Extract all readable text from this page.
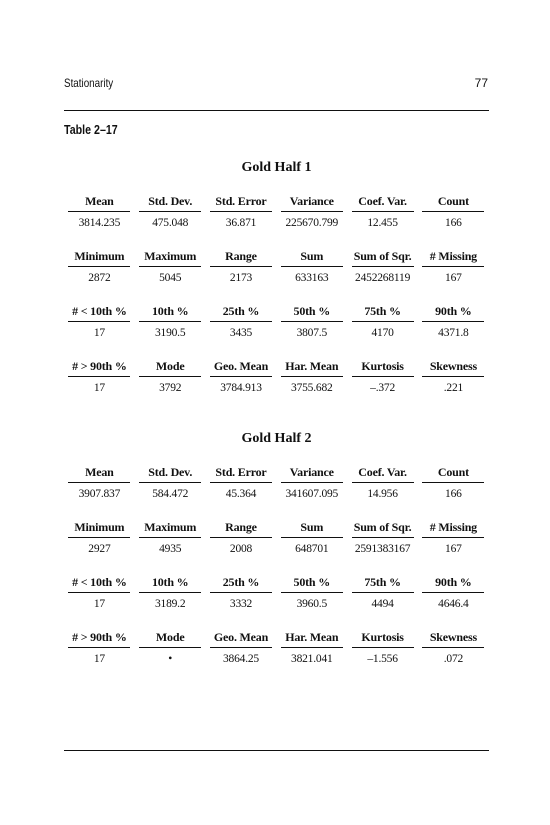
Stationarity	77
Table 2–17
Gold Half 1
Mean	Std. Dev.	Std. Error	Variance	Coef. Var.	Count
3814.235	475.048	36.871	225670.799	12.455	166
Minimum	Maximum	Range	Sum	Sum of Sqr.	# Missing
2872	5045	2173	633163	2452268119	167
# < 10th %	10th %	25th %	50th %	75th %	90th %
17	3190.5	3435	3807.5	4170	4371.8
# > 90th %	Mode	Geo. Mean	Har. Mean	Kurtosis	Skewness
17	3792	3784.913	3755.682	–.372	.221
Gold Half 2
Mean	Std. Dev.	Std. Error	Variance	Coef. Var.	Count
3907.837	584.472	45.364	341607.095	14.956	166
Minimum	Maximum	Range	Sum	Sum of Sqr.	# Missing
2927	4935	2008	648701	2591383167	167
# < 10th %	10th %	25th %	50th %	75th %	90th %
17	3189.2	3332	3960.5	4494	4646.4
# > 90th %	Mode	Geo. Mean	Har. Mean	Kurtosis	Skewness
17	•	3864.25	3821.041	–1.556	.072
